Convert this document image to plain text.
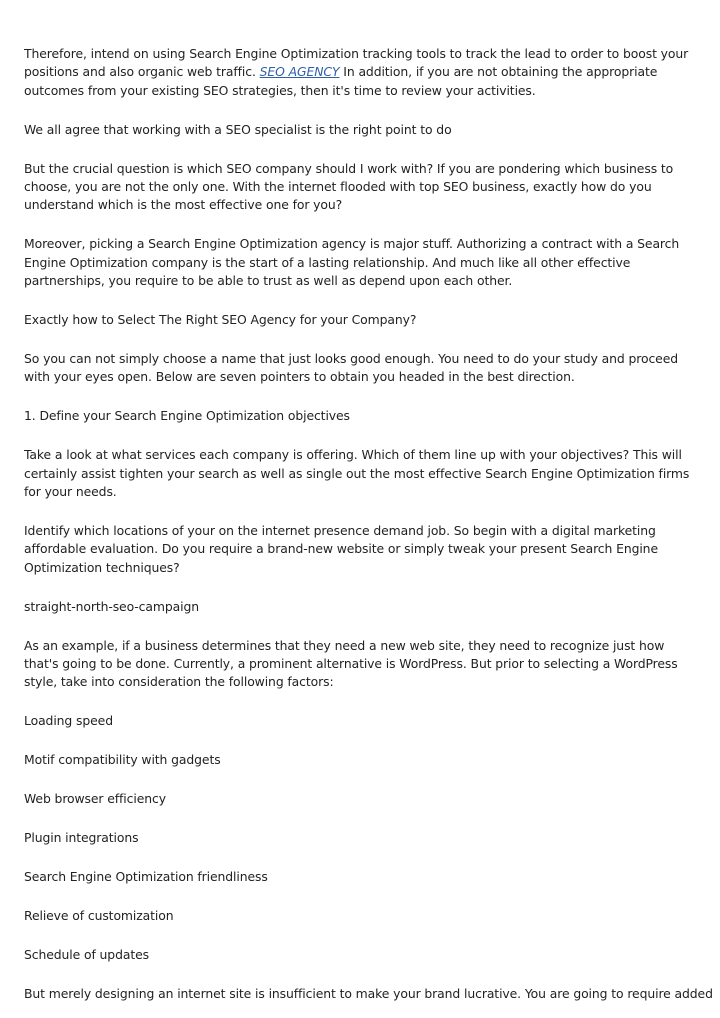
Therefore, intend on using Search Engine Optimization tracking tools to track the lead to order to boost your positions and also organic web traffic. SEO AGENCY In addition, if you are not obtaining the appropriate outcomes from your existing SEO strategies, then it's time to review your activities.

We all agree that working with a SEO specialist is the right point to do

But the crucial question is which SEO company should I work with? If you are pondering which business to choose, you are not the only one. With the internet flooded with top SEO business, exactly how do you understand which is the most effective one for you?

Moreover, picking a Search Engine Optimization agency is major stuff. Authorizing a contract with a Search Engine Optimization company is the start of a lasting relationship. And much like all other effective partnerships, you require to be able to trust as well as depend upon each other.

Exactly how to Select The Right SEO Agency for your Company?

So you can not simply choose a name that just looks good enough. You need to do your study and proceed with your eyes open. Below are seven pointers to obtain you headed in the best direction.

1. Define your Search Engine Optimization objectives

Take a look at what services each company is offering. Which of them line up with your objectives? This will certainly assist tighten your search as well as single out the most effective Search Engine Optimization firms for your needs.

Identify which locations of your on the internet presence demand job. So begin with a digital marketing affordable evaluation. Do you require a brand-new website or simply tweak your present Search Engine Optimization techniques?

straight-north-seo-campaign

As an example, if a business determines that they need a new web site, they need to recognize just how that's going to be done. Currently, a prominent alternative is WordPress. But prior to selecting a WordPress style, take into consideration the following factors:

Loading speed

Motif compatibility with gadgets

Web browser efficiency

Plugin integrations

Search Engine Optimization friendliness

Relieve of customization

Schedule of updates

But merely designing an internet site is insufficient to make your brand lucrative. You are going to require added
